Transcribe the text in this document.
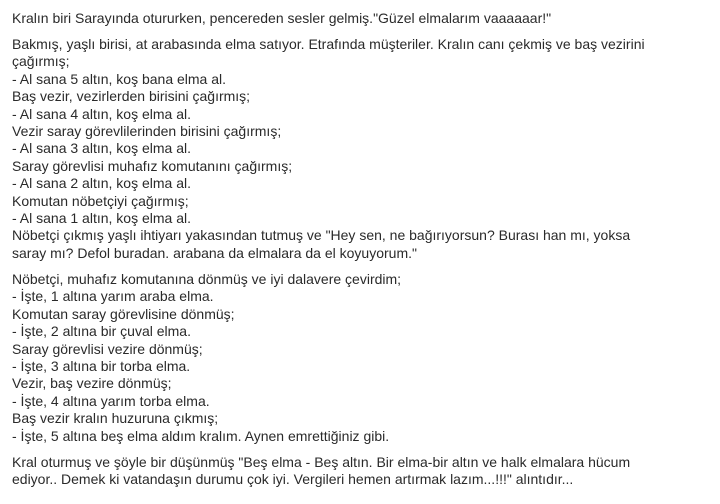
Kralın biri Sarayında otururken, pencereden sesler gelmiş."Güzel elmalarım vaaaaaar!"

Bakmış, yaşlı birisi, at arabasında elma satıyor. Etrafında müşteriler. Kralın canı çekmiş ve baş vezirini
çağırmış;
- Al sana 5 altın, koş bana elma al.
Baş vezir, vezirlerden birisini çağırmış;
- Al sana 4 altın, koş elma al.
Vezir saray görevlilerinden birisini çağırmış;
- Al sana 3 altın, koş elma al.
Saray görevlisi muhafız komutanını çağırmış;
- Al sana 2 altın, koş elma al.
Komutan nöbetçiyi çağırmış;
- Al sana 1 altın, koş elma al.
Nöbetçi çıkmış yaşlı ihtiyarı yakasından tutmuş ve "Hey sen, ne bağırıyorsun? Burası han mı, yoksa
saray mı? Defol buradan. arabana da elmalara da el koyuyorum."

Nöbetçi, muhafız komutanına dönmüş ve iyi dalavere çevirdim;
- İşte, 1 altına yarım araba elma.
Komutan saray görevlisine dönmüş;
- İşte, 2 altına bir çuval elma.
Saray görevlisi vezire dönmüş;
- İşte, 3 altına bir torba elma.
Vezir, baş vezire dönmüş;
- İşte, 4 altına yarım torba elma.
Baş vezir kralın huzuruna çıkmış;
- İşte, 5 altına beş elma aldım kralım. Aynen emrettiğiniz gibi.

Kral oturmuş ve şöyle bir düşünmüş "Beş elma - Beş altın. Bir elma-bir altın ve halk elmalara hücum
ediyor.. Demek ki vatandaşın durumu çok iyi. Vergileri hemen artırmak lazım...!!!" alıntıdır...
